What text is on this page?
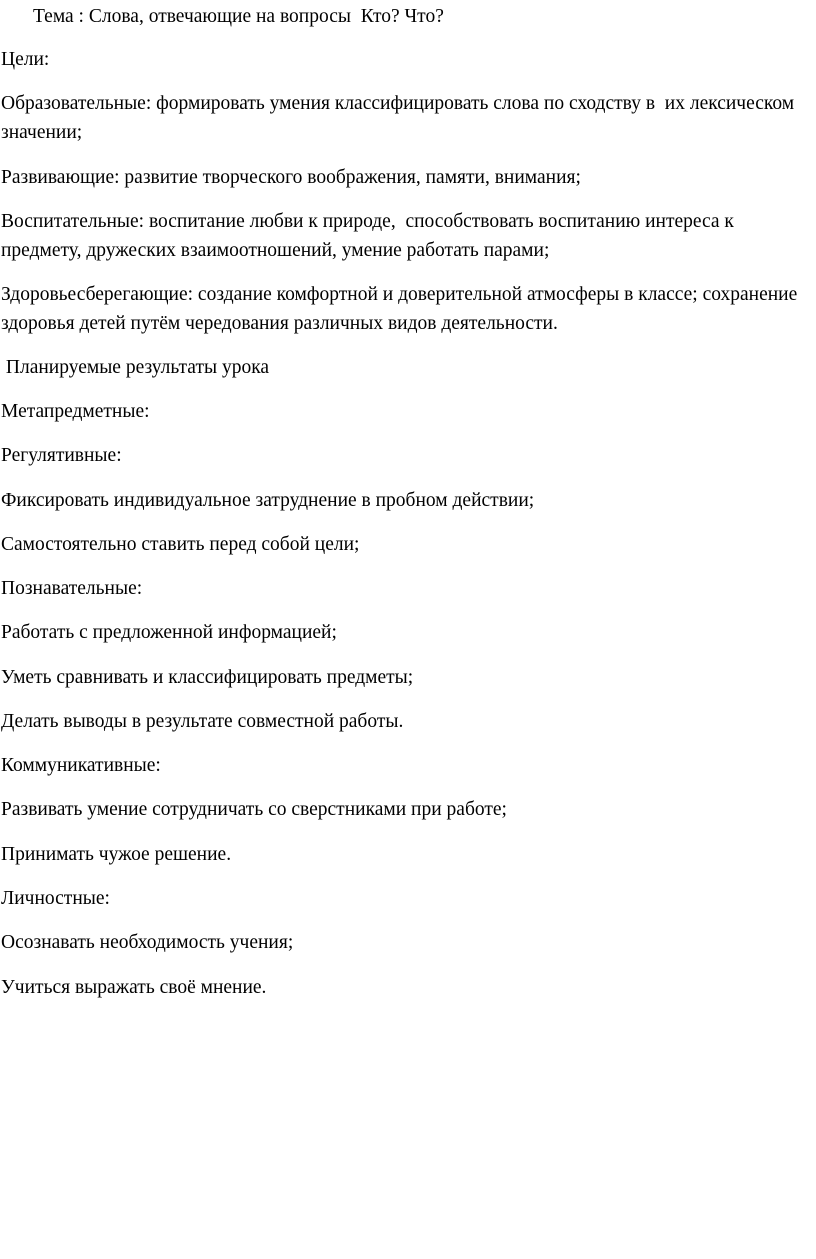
Тема : Слова, отвечающие на вопросы  Кто? Что?

Цели:

Образовательные: формировать умения классифицировать слова по сходству в  их лексическом значении;

Развивающие: развитие творческого воображения, памяти, внимания;

Воспитательные: воспитание любви к природе,  способствовать воспитанию интереса к предмету, дружеских взаимоотношений, умение работать парами;

Здоровьесберегающие: создание комфортной и доверительной атмосферы в классе; сохранение здоровья детей путём чередования различных видов деятельности.

Планируемые результаты урока

Метапредметные:

Регулятивные:

Фиксировать индивидуальное затруднение в пробном действии;

Самостоятельно ставить перед собой цели;

Познавательные:

Работать с предложенной информацией;

Уметь сравнивать и классифицировать предметы;

Делать выводы в результате совместной работы.

Коммуникативные:

Развивать умение сотрудничать со сверстниками при работе;

Принимать чужое решение.

Личностные:

Осознавать необходимость учения;

Учиться выражать своё мнение.
